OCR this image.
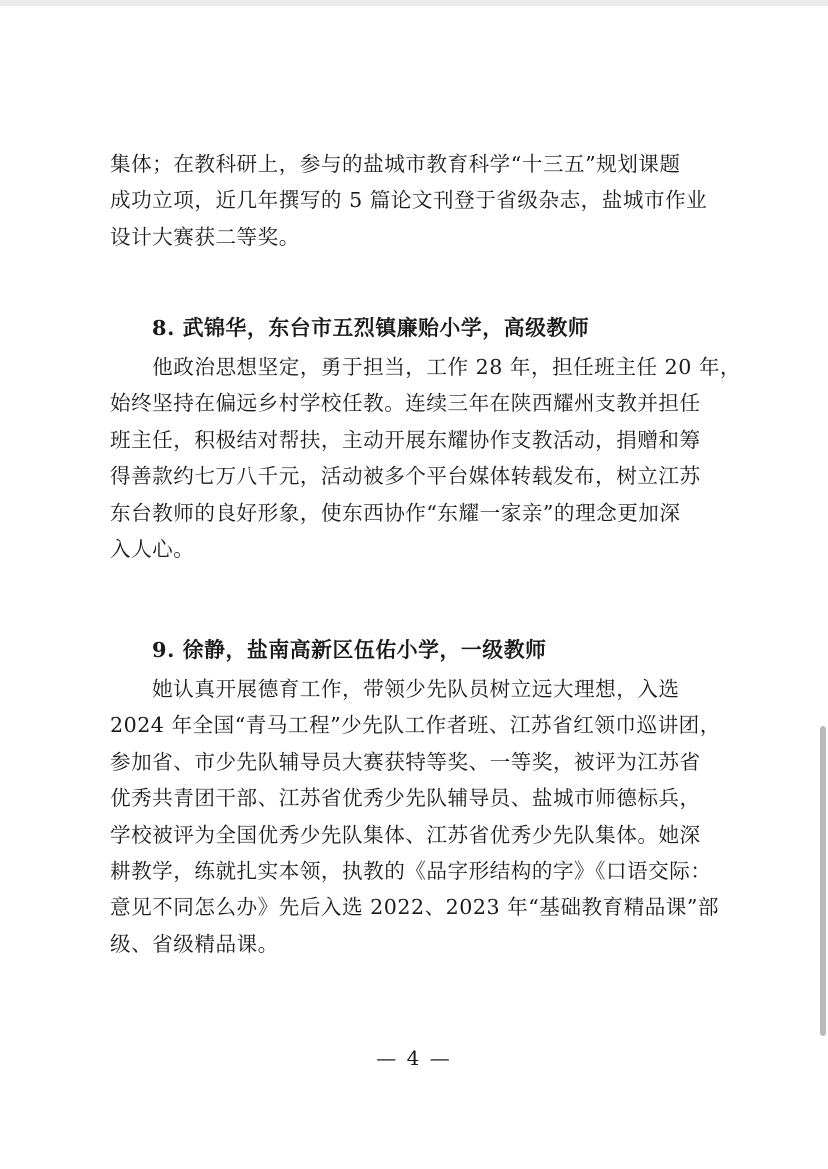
集体；在教科研上，参与的盐城市教育科学“十三五”规划课题
成功立项，近几年撰写的 5 篇论文刊登于省级杂志，盐城市作业
设计大赛获二等奖。

8. 武锦华，东台市五烈镇廉贻小学，高级教师

　　他政治思想坚定，勇于担当，工作 28 年，担任班主任 20 年，
始终坚持在偏远乡村学校任教。连续三年在陕西耀州支教并担任
班主任，积极结对帮扶，主动开展东耀协作支教活动，捐赠和筹
得善款约七万八千元，活动被多个平台媒体转载发布，树立江苏
东台教师的良好形象，使东西协作“东耀一家亲”的理念更加深
入人心。

9. 徐静，盐南高新区伍佑小学，一级教师

　　她认真开展德育工作，带领少先队员树立远大理想，入选
2024 年全国“青马工程”少先队工作者班、江苏省红领巾巡讲团，
参加省、市少先队辅导员大赛获特等奖、一等奖，被评为江苏省
优秀共青团干部、江苏省优秀少先队辅导员、盐城市师德标兵，
学校被评为全国优秀少先队集体、江苏省优秀少先队集体。她深
耕教学，练就扎实本领，执教的《品字形结构的字》《口语交际：
意见不同怎么办》先后入选 2022、2023 年“基础教育精品课”部
级、省级精品课。

— 4 —
